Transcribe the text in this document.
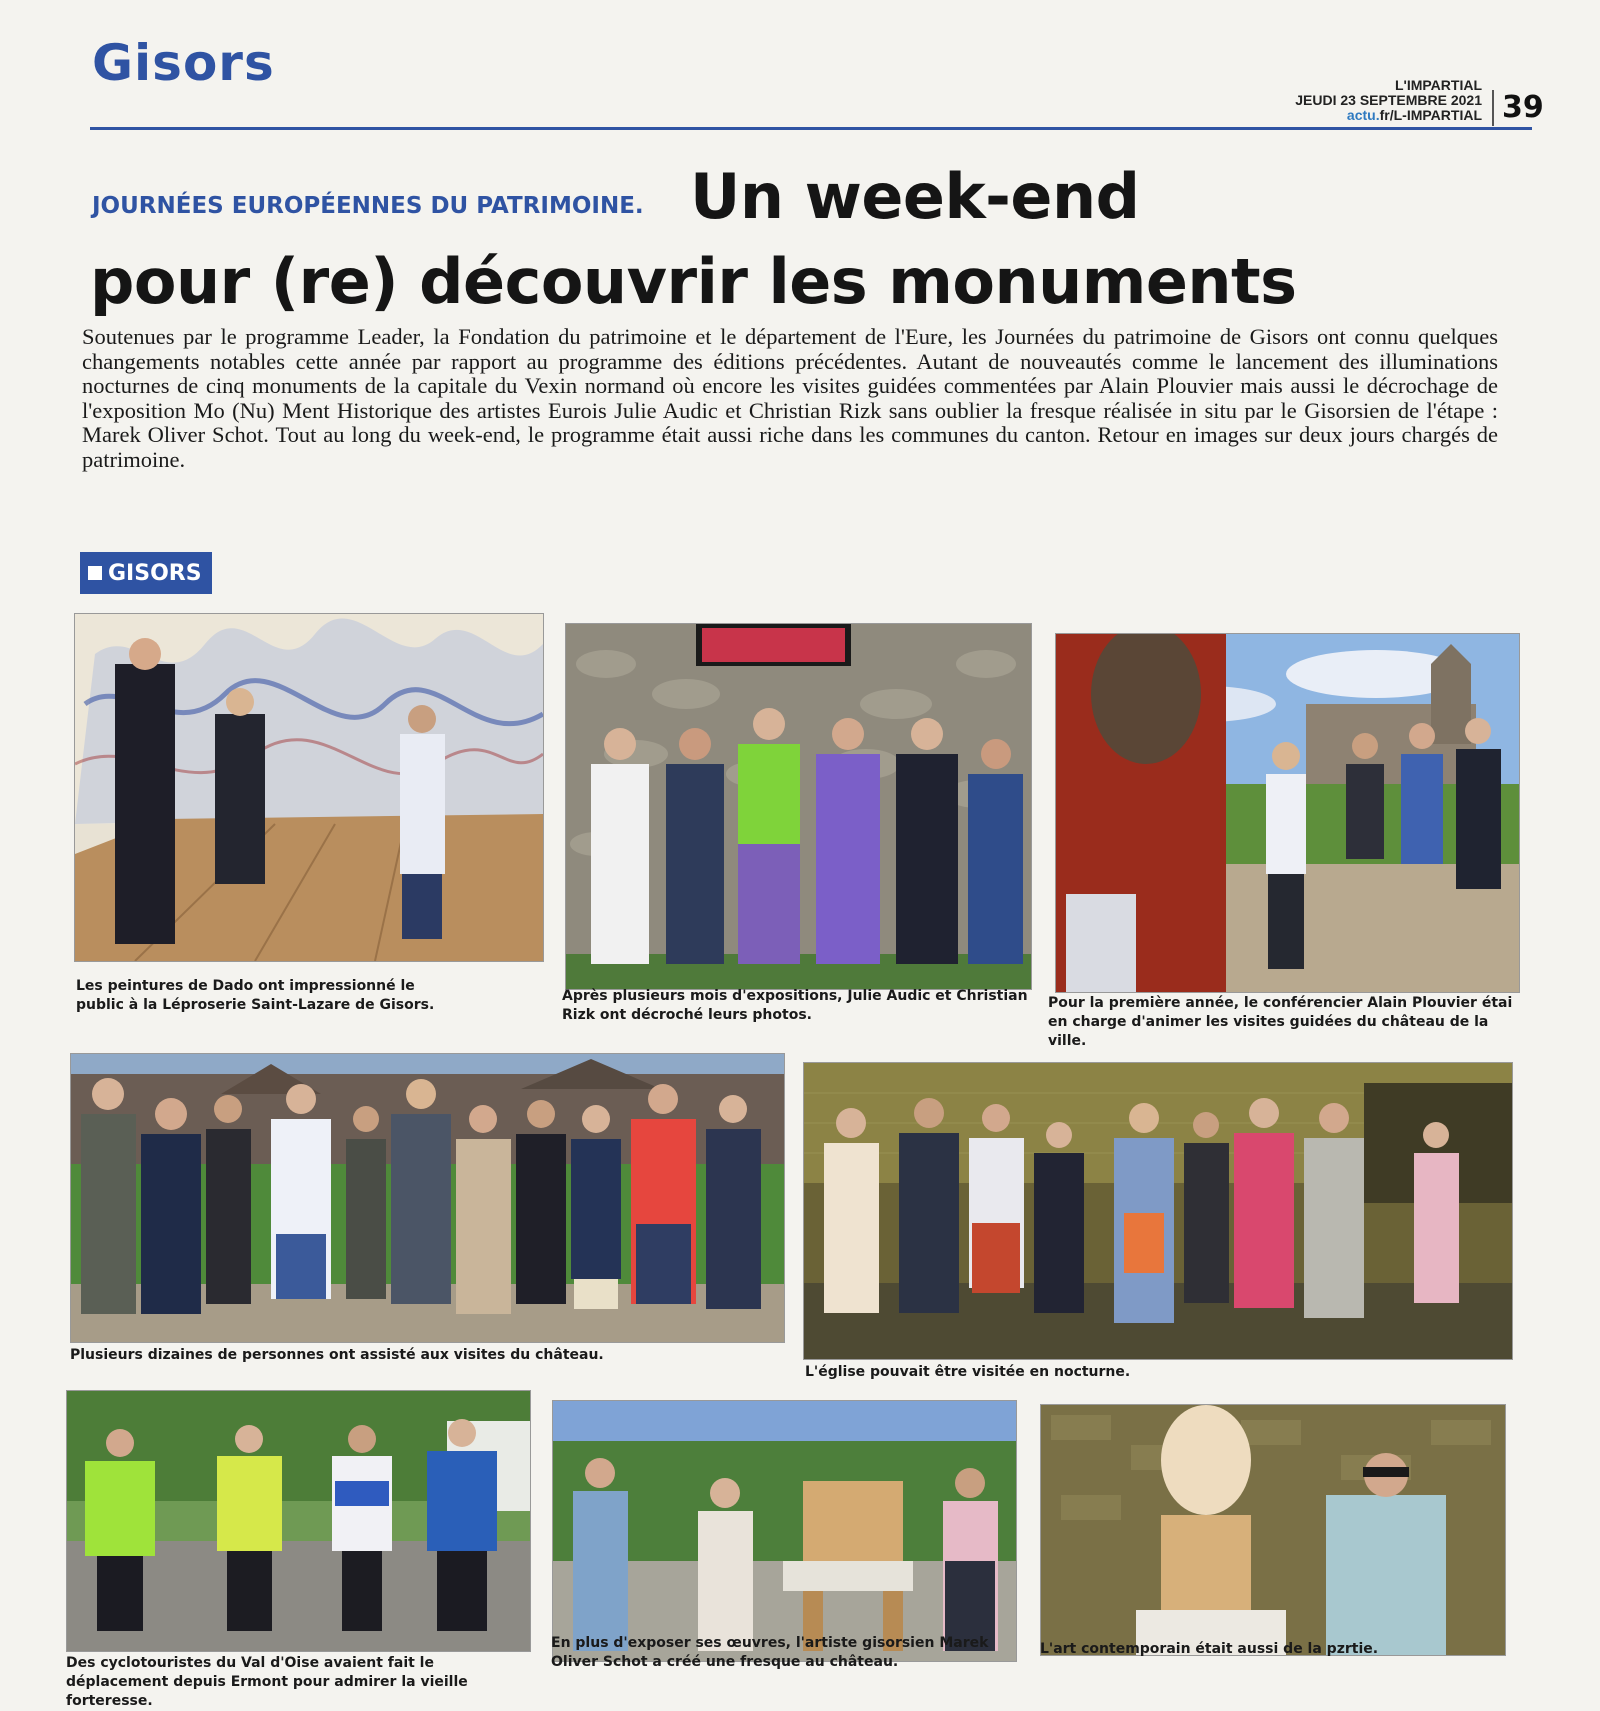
Gisors	L'IMPARTIAL
JEUDI 23 SEPTEMBRE 2021
actu.fr/L-IMPARTIAL 39
JOURNÉES EUROPÉENNES DU PATRIMOINE. Un week-end
pour (re) découvrir les monuments
Soutenues par le programme Leader, la Fondation du patrimoine et le département de l'Eure, les Journées du patrimoine de Gisors ont connu quelques changements notables cette année par rapport au programme des éditions précédentes. Autant de nouveautés comme le lancement des illuminations nocturnes de cinq monuments de la capitale du Vexin normand où encore les visites guidées commentées par Alain Plouvier mais aussi le décrochage de l'exposition Mo (Nu) Ment Historique des artistes Eurois Julie Audic et Christian Rizk sans oublier la fresque réalisée in situ par le Gisorsien de l'étape : Marek Oliver Schot. Tout au long du week-end, le programme était aussi riche dans les communes du canton. Retour en images sur deux jours chargés de patrimoine.
GISORS
Les peintures de Dado ont impressionné le public à la Léproserie Saint-Lazare de Gisors.
Après plusieurs mois d'expositions, Julie Audic et Christian Rizk ont décroché leurs photos.
Pour la première année, le conférencier Alain Plouvier étai en charge d'animer les visites guidées du château de la ville.
Plusieurs dizaines de personnes ont assisté aux visites du château.
L'église pouvait être visitée en nocturne.
Des cyclotouristes du Val d'Oise avaient fait le déplacement depuis Ermont pour admirer la vieille forteresse.
En plus d'exposer ses œuvres, l'artiste gisorsien Marek Oliver Schot a créé une fresque au château.
L'art contemporain était aussi de la pzrtie.
